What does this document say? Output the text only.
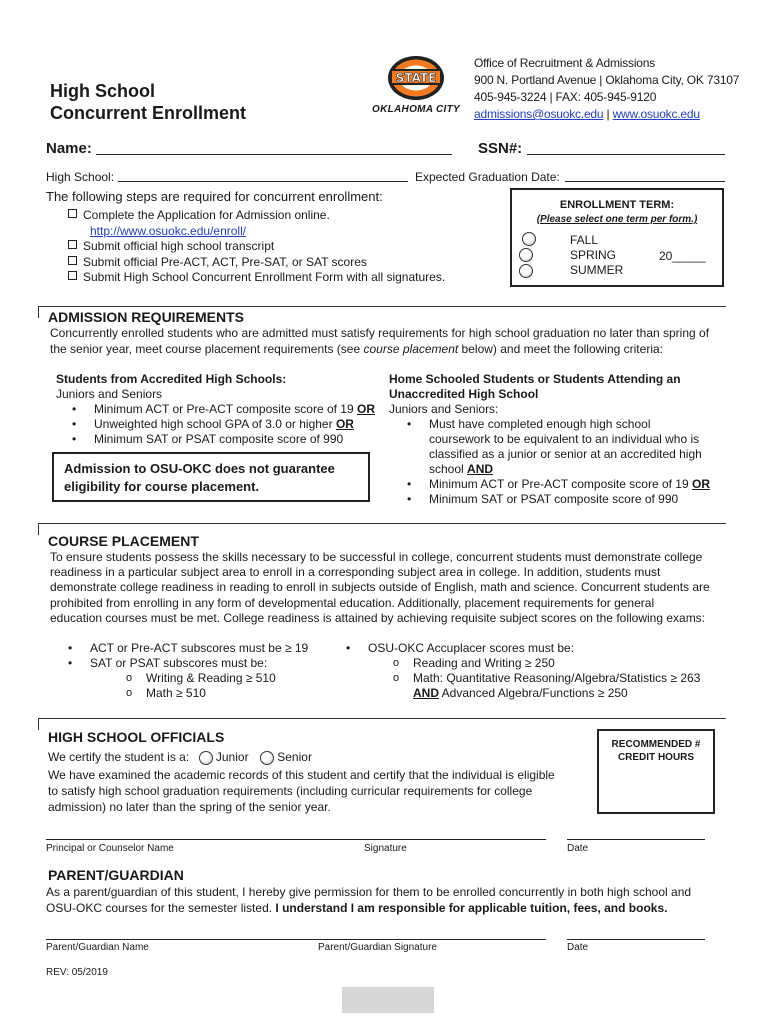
High School
Concurrent Enrollment
STATE
OKLAHOMA CITY
Office of Recruitment & Admissions
900 N. Portland Avenue | Oklahoma City, OK 73107
405-945-3224 | FAX: 405-945-9120
admissions@osuokc.edu | www.osuokc.edu
Name:	SSN#:
High School:	Expected Graduation Date:
The following steps are required for concurrent enrollment:
Complete the Application for Admission online.
http://www.osuokc.edu/enroll/
Submit official high school transcript
Submit official Pre-ACT, ACT, Pre-SAT, or SAT scores
Submit High School Concurrent Enrollment Form with all signatures.
ENROLLMENT TERM:
(Please select one term per form.)
FALL
SPRING
SUMMER
20_____
ADMISSION REQUIREMENTS
Concurrently enrolled students who are admitted must satisfy requirements for high school graduation no later than spring of
the senior year, meet course placement requirements (see course placement below) and meet the following criteria:
Students from Accredited High Schools:
Juniors and Seniors
• Minimum ACT or Pre-ACT composite score of 19 OR
• Unweighted high school GPA of 3.0 or higher OR
• Minimum SAT or PSAT composite score of 990
Admission to OSU-OKC does not guarantee eligibility for course placement.
Home Schooled Students or Students Attending an
Unaccredited High School
Juniors and Seniors:
• Must have completed enough high school
coursework to be equivalent to an individual who is
classified as a junior or senior at an accredited high
school AND
• Minimum ACT or Pre-ACT composite score of 19 OR
• Minimum SAT or PSAT composite score of 990
COURSE PLACEMENT
To ensure students possess the skills necessary to be successful in college, concurrent students must demonstrate college
readiness in a particular subject area to enroll in a corresponding subject area in college. In addition, students must
demonstrate college readiness in reading to enroll in subjects outside of English, math and science. Concurrent students are
prohibited from enrolling in any form of developmental education. Additionally, placement requirements for general
education courses must be met. College readiness is attained by achieving requisite subject scores on the following exams:
• ACT or Pre-ACT subscores must be ≥ 19
• SAT or PSAT subscores must be:
o Writing & Reading ≥ 510
o Math ≥ 510
• OSU-OKC Accuplacer scores must be:
o Reading and Writing ≥ 250
o Math: Quantitative Reasoning/Algebra/Statistics ≥ 263
AND Advanced Algebra/Functions ≥ 250
HIGH SCHOOL OFFICIALS
We certify the student is a: Junior Senior
We have examined the academic records of this student and certify that the individual is eligible
to satisfy high school graduation requirements (including curricular requirements for college
admission) no later than the spring of the senior year.
RECOMMENDED #
CREDIT HOURS
Principal or Counselor Name	Signature	Date
PARENT/GUARDIAN
As a parent/guardian of this student, I hereby give permission for them to be enrolled concurrently in both high school and
OSU-OKC courses for the semester listed. I understand I am responsible for applicable tuition, fees, and books.
Parent/Guardian Name	Parent/Guardian Signature	Date
REV: 05/2019
